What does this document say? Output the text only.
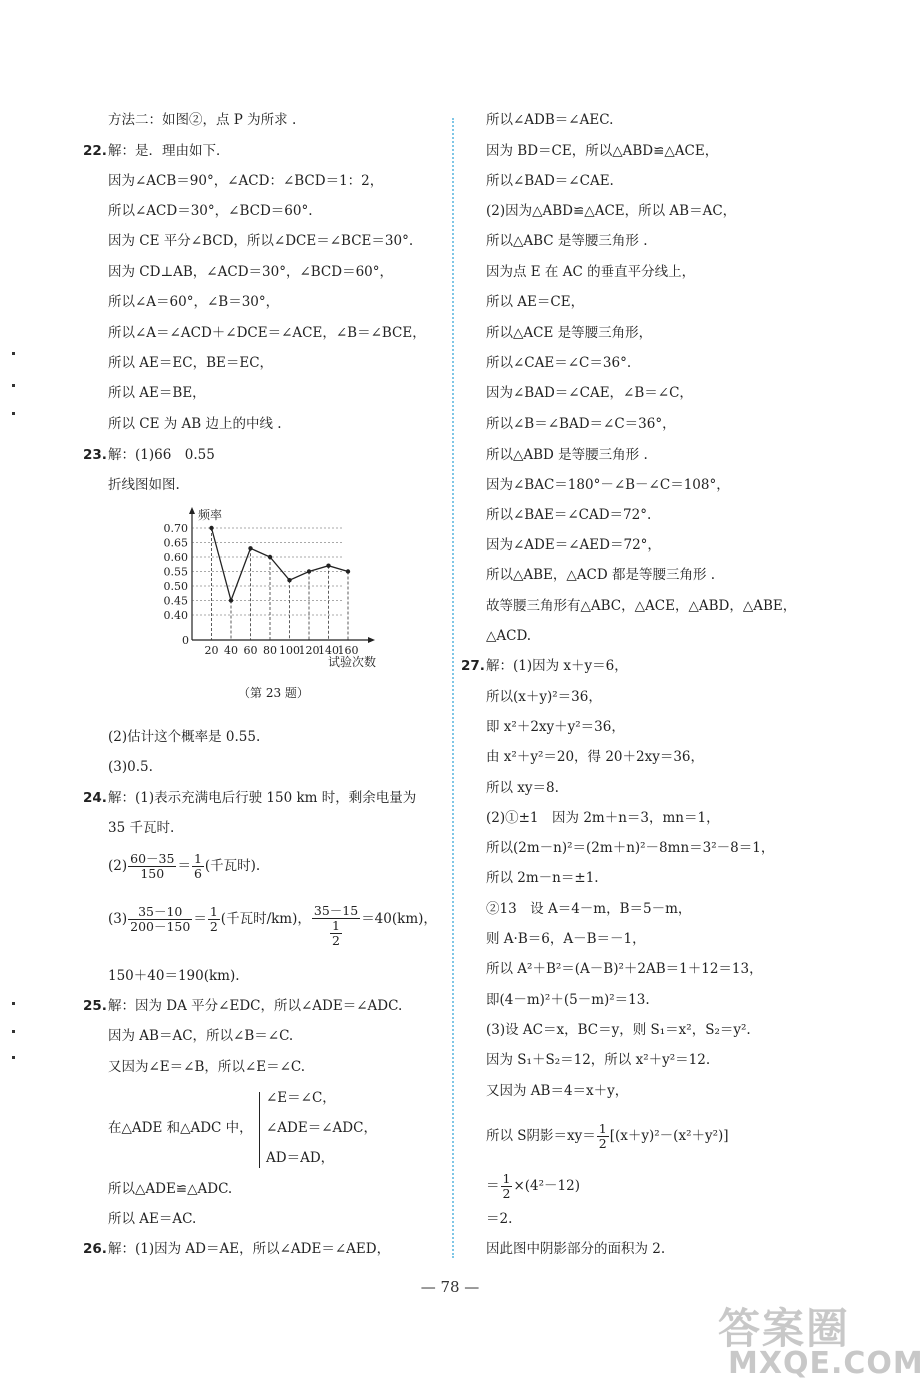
方法二：如图②，点 P 为所求 .
22. 解：是．理由如下．
因为∠ACB＝90°，∠ACD：∠BCD＝1：2，
所以∠ACD＝30°，∠BCD＝60°.
因为 CE 平分∠BCD，所以∠DCE＝∠BCE＝30°.
因为 CD⊥AB，∠ACD＝30°，∠BCD＝60°，
所以∠A＝60°，∠B＝30°，
所以∠A＝∠ACD＋∠DCE＝∠ACE，∠B＝∠BCE，
所以 AE＝EC，BE＝EC，
所以 AE＝BE，
所以 CE 为 AB 边上的中线 .
23. 解：(1)66　0.55
折线图如图.
0.70
0.65
0.60
0.55
0.50
0.45
0.40
0
频率
20 40 60 80 100
120
140
160
试验次数
（第 23 题）
(2)估计这个概率是 0.55.
(3)0.5.
24. 解：(1)表示充满电后行驶 150 km 时，剩余电量为
35 千瓦时.
$(2) \frac{60-35}{150} = \frac{1}{6}$ (千瓦时).
$(3) \frac{35-10}{200-150} = \frac{1}{2}$ (千瓦时/km)， $\frac{35-15}{\frac{1}{2}} =40(km)$，
150＋40＝190(km).
25. 解：因为 DA 平分∠EDC，所以∠ADE＝∠ADC.
因为 AB＝AC，所以∠B＝∠C.
又因为∠E＝∠B，所以∠E＝∠C.
在△ADE 和△ADC 中，
∠E＝∠C，
∠ADE＝∠ADC，
AD＝AD，
所以△ADE≌△ADC.
所以 AE＝AC.
26. 解：(1)因为 AD＝AE，所以∠ADE＝∠AED，
所以∠ADB＝∠AEC.
因为 BD＝CE，所以△ABD≌△ACE，
所以∠BAD＝∠CAE.
(2)因为△ABD≌△ACE，所以 AB＝AC，
所以△ABC 是等腰三角形 .
因为点 E 在 AC 的垂直平分线上，
所以 AE＝CE，
所以△ACE 是等腰三角形，
所以∠CAE＝∠C＝36°.
因为∠BAD＝∠CAE，∠B＝∠C，
所以∠B＝∠BAD＝∠C＝36°，
所以△ABD 是等腰三角形 .
因为∠BAC＝180°－∠B－∠C＝108°，
所以∠BAE＝∠CAD＝72°.
因为∠ADE＝∠AED＝72°，
所以△ABE，△ACD 都是等腰三角形 .
故等腰三角形有△ABC，△ACE，△ABD，△ABE，
△ACD.
27. 解：(1)因为 x＋y＝6，
所以(x＋y)²＝36，
即 x²＋2xy＋y²＝36，
由 x²＋y²＝20，得 20＋2xy＝36，
所以 xy＝8.
(2)①±1　因为 2m＋n＝3，mn＝1，
所以(2m－n)²＝(2m＋n)²－8mn＝3²－8＝1，
所以 2m－n＝±1.
②13　设 A＝4－m，B＝5－m，
则 A·B＝6，A－B＝－1，
所以 A²＋B²＝(A－B)²＋2AB＝1＋12＝13，
即(4－m)²＋(5－m)²＝13.
(3)设 AC＝x，BC＝y，则 S₁＝x²，S₂＝y².
因为 S₁＋S₂＝12，所以 x²＋y²＝12.
又因为 AB＝4＝x＋y，
所以 S阴影$=xy= \frac{1}{2} [(x+y)^2-(x^2+y^2)]$
＝ $\frac{1}{2} \times(4^2-12)$
＝2.
因此图中阴影部分的面积为 2.
— 78 —
答案圈
MXQE.COM
